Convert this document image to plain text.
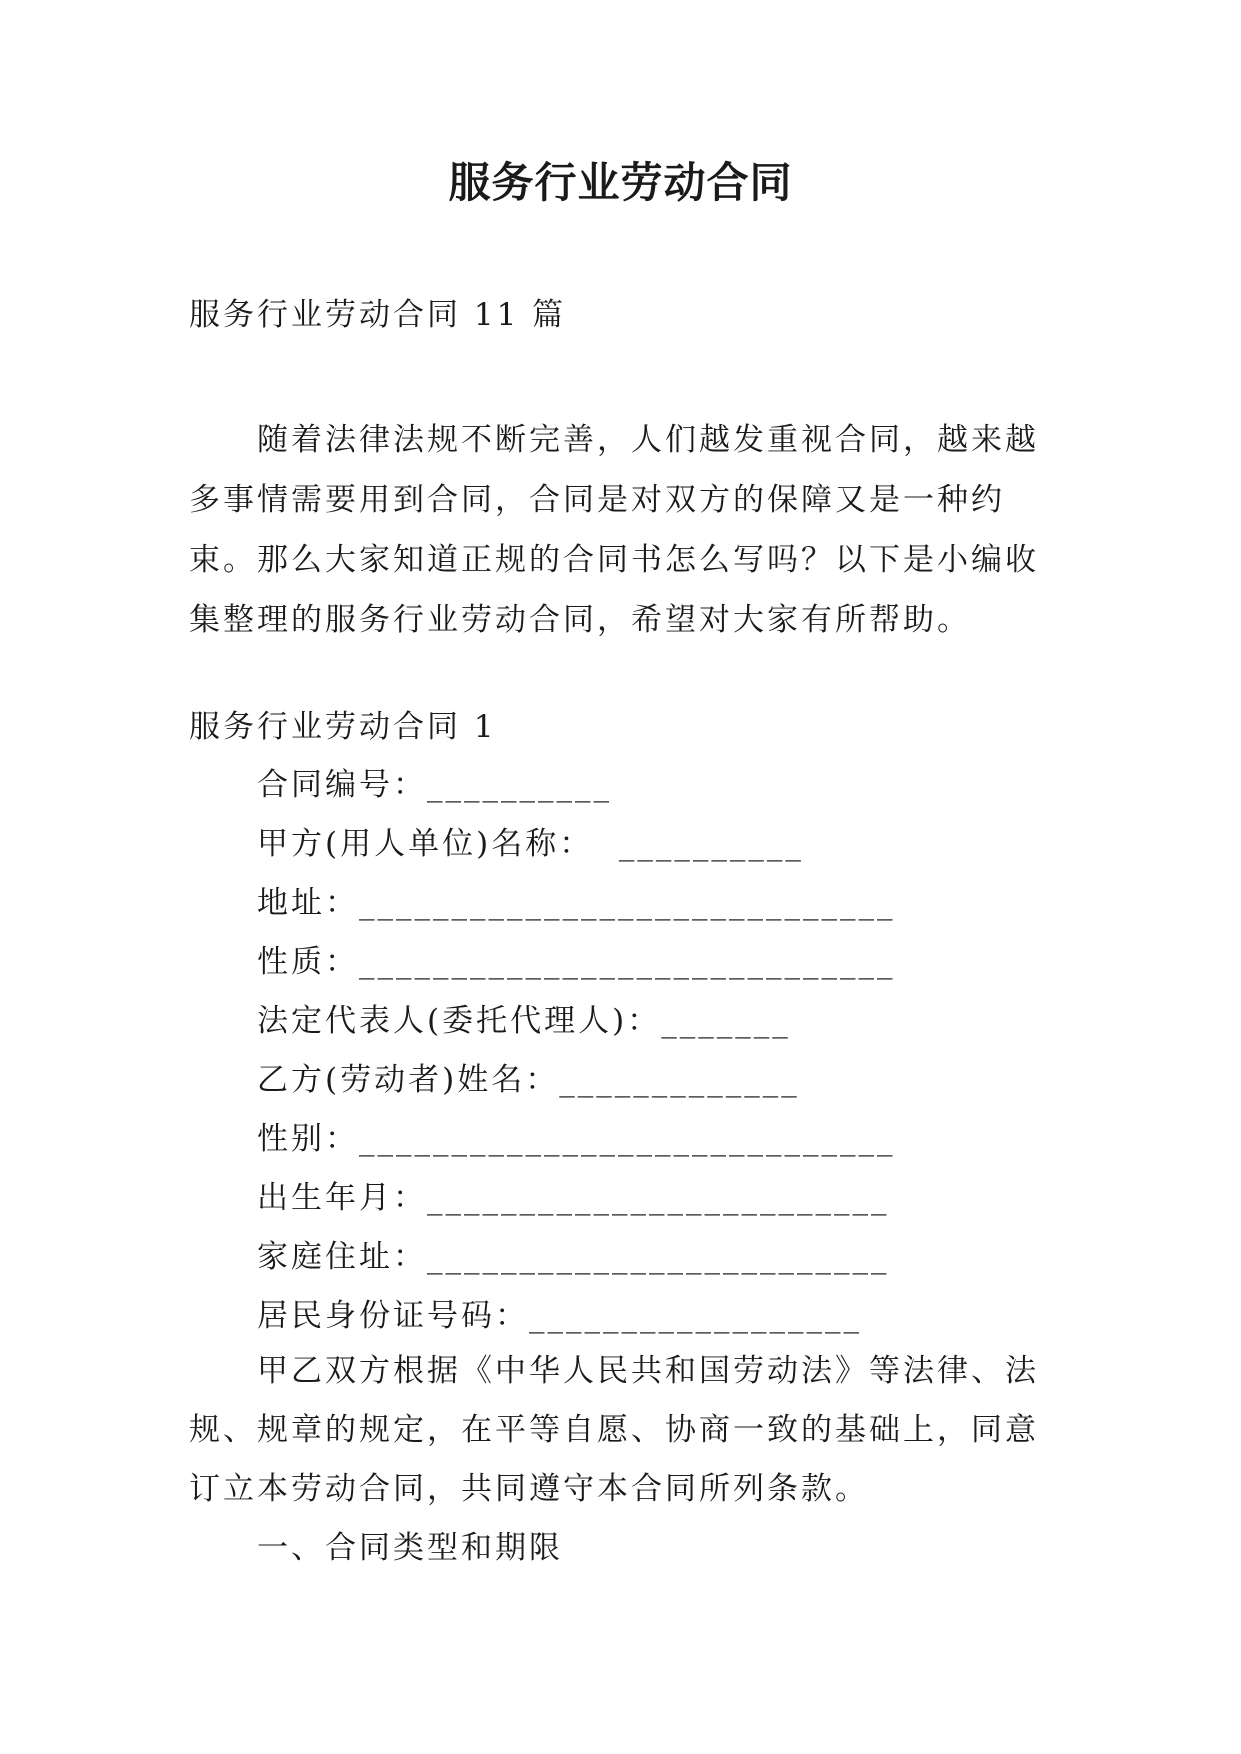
服务行业劳动合同
服务行业劳动合同 11 篇
随着法律法规不断完善，人们越发重视合同，越来越多事情需要用到合同，合同是对双方的保障又是一种约束。那么大家知道正规的合同书怎么写吗？以下是小编收集整理的服务行业劳动合同，希望对大家有所帮助。
服务行业劳动合同 1
合同编号：__________
甲方(用人单位)名称：  __________
地址：_____________________________
性质：_____________________________
法定代表人(委托代理人)：_______
乙方(劳动者)姓名：_____________
性别：_____________________________
出生年月：_________________________
家庭住址：_________________________
居民身份证号码：__________________
甲乙双方根据《中华人民共和国劳动法》等法律、法规、规章的规定，在平等自愿、协商一致的基础上，同意订立本劳动合同，共同遵守本合同所列条款。
一、合同类型和期限
